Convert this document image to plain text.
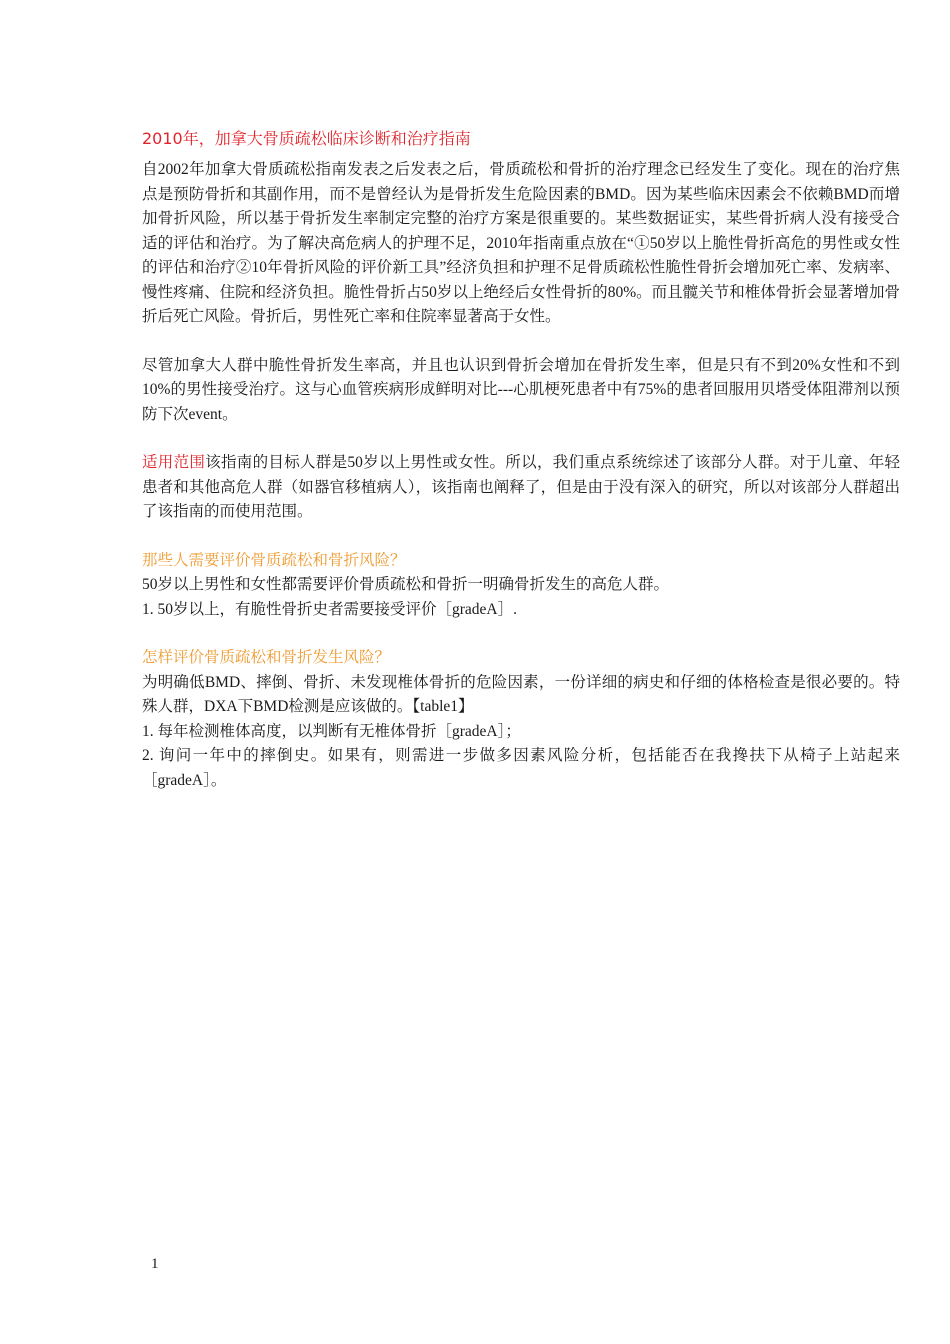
2010年，加拿大骨质疏松临床诊断和治疗指南

自2002年加拿大骨质疏松指南发表之后发表之后，骨质疏松和骨折的治疗理念已经发生了变化。现在的治疗焦点是预防骨折和其副作用，而不是曾经认为是骨折发生危险因素的BMD。因为某些临床因素会不依赖BMD而增加骨折风险，所以基于骨折发生率制定完整的治疗方案是很重要的。某些数据证实，某些骨折病人没有接受合适的评估和治疗。为了解决高危病人的护理不足，2010年指南重点放在“①50岁以上脆性骨折高危的男性或女性的评估和治疗②10年骨折风险的评价新工具”经济负担和护理不足骨质疏松性脆性骨折会增加死亡率、发病率、慢性疼痛、住院和经济负担。脆性骨折占50岁以上绝经后女性骨折的80%。而且髋关节和椎体骨折会显著增加骨折后死亡风险。骨折后，男性死亡率和住院率显著高于女性。

尽管加拿大人群中脆性骨折发生率高，并且也认识到骨折会增加在骨折发生率，但是只有不到20%女性和不到10%的男性接受治疗。这与心血管疾病形成鲜明对比---心肌梗死患者中有75%的患者回服用贝塔受体阻滞剂以预防下次event。

适用范围该指南的目标人群是50岁以上男性或女性。所以，我们重点系统综述了该部分人群。对于儿童、年轻患者和其他高危人群（如器官移植病人），该指南也阐释了，但是由于没有深入的研究，所以对该部分人群超出了该指南的而使用范围。

那些人需要评价骨质疏松和骨折风险？

50岁以上男性和女性都需要评价骨质疏松和骨折一明确骨折发生的高危人群。

1. 50岁以上，有脆性骨折史者需要接受评价［gradeA］.

怎样评价骨质疏松和骨折发生风险？

为明确低BMD、摔倒、骨折、未发现椎体骨折的危险因素，一份详细的病史和仔细的体格检查是很必要的。特殊人群，DXA下BMD检测是应该做的。【table1】

1. 每年检测椎体高度，以判断有无椎体骨折［gradeA］；

2. 询问一年中的摔倒史。如果有，则需进一步做多因素风险分析，包括能否在我搀扶下从椅子上站起来［gradeA］。

1
